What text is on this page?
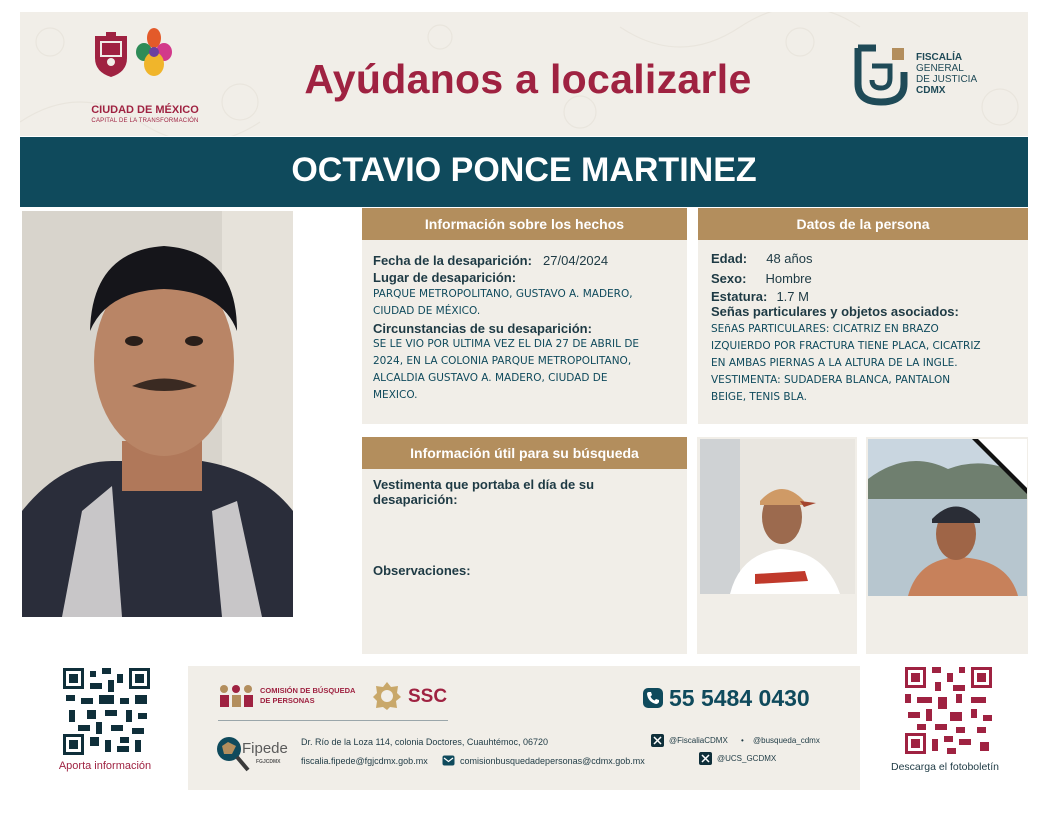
CIUDAD DE MÉXICO
CAPITAL DE LA TRANSFORMACIÓN
Ayúdanos a localizarle	FISCALÍA
GENERAL
DE JUSTICIA
CDMX
OCTAVIO PONCE MARTINEZ
Información sobre los hechos
Fecha de la desaparición: 27/04/2024
Lugar de desaparición:
PARQUE METROPOLITANO, GUSTAVO A. MADERO,
CIUDAD DE MÉXICO.
Circunstancias de su desaparición:
SE LE VIO POR ULTIMA VEZ EL DIA 27 DE ABRIL DE
2024, EN LA COLONIA PARQUE METROPOLITANO,
ALCALDIA GUSTAVO A. MADERO, CIUDAD DE
MEXICO.
Datos de la persona
Edad: 48 años
Sexo: Hombre
Estatura: 1.7 M
Señas particulares y objetos asociados:
SEñAS PARTICULARES: CICATRIZ EN BRAZO
IZQUIERDO POR FRACTURA TIENE PLACA, CICATRIZ
EN AMBAS PIERNAS A LA ALTURA DE LA INGLE.
VESTIMENTA: SUDADERA BLANCA, PANTALON
BEIGE, TENIS BLA.
Información útil para su búsqueda
Vestimenta que portaba el día de su
desaparición:
Observaciones:
Aporta información
COMISIÓN DE BÚSQUEDA
DE PERSONAS	SSC	55 5484 0430
Fipede
FGJCDMX
Dr. Río de la Loza 114, colonia Doctores, Cuauhtémoc, 06720
fiscalia.fipede@fgjcdmx.gob.mx	comisionbusquedadepersonas@cdmx.gob.mx
@FiscaliaCDMX • @busqueda_cdmx
@UCS_GCDMX
Descarga el fotoboletín
